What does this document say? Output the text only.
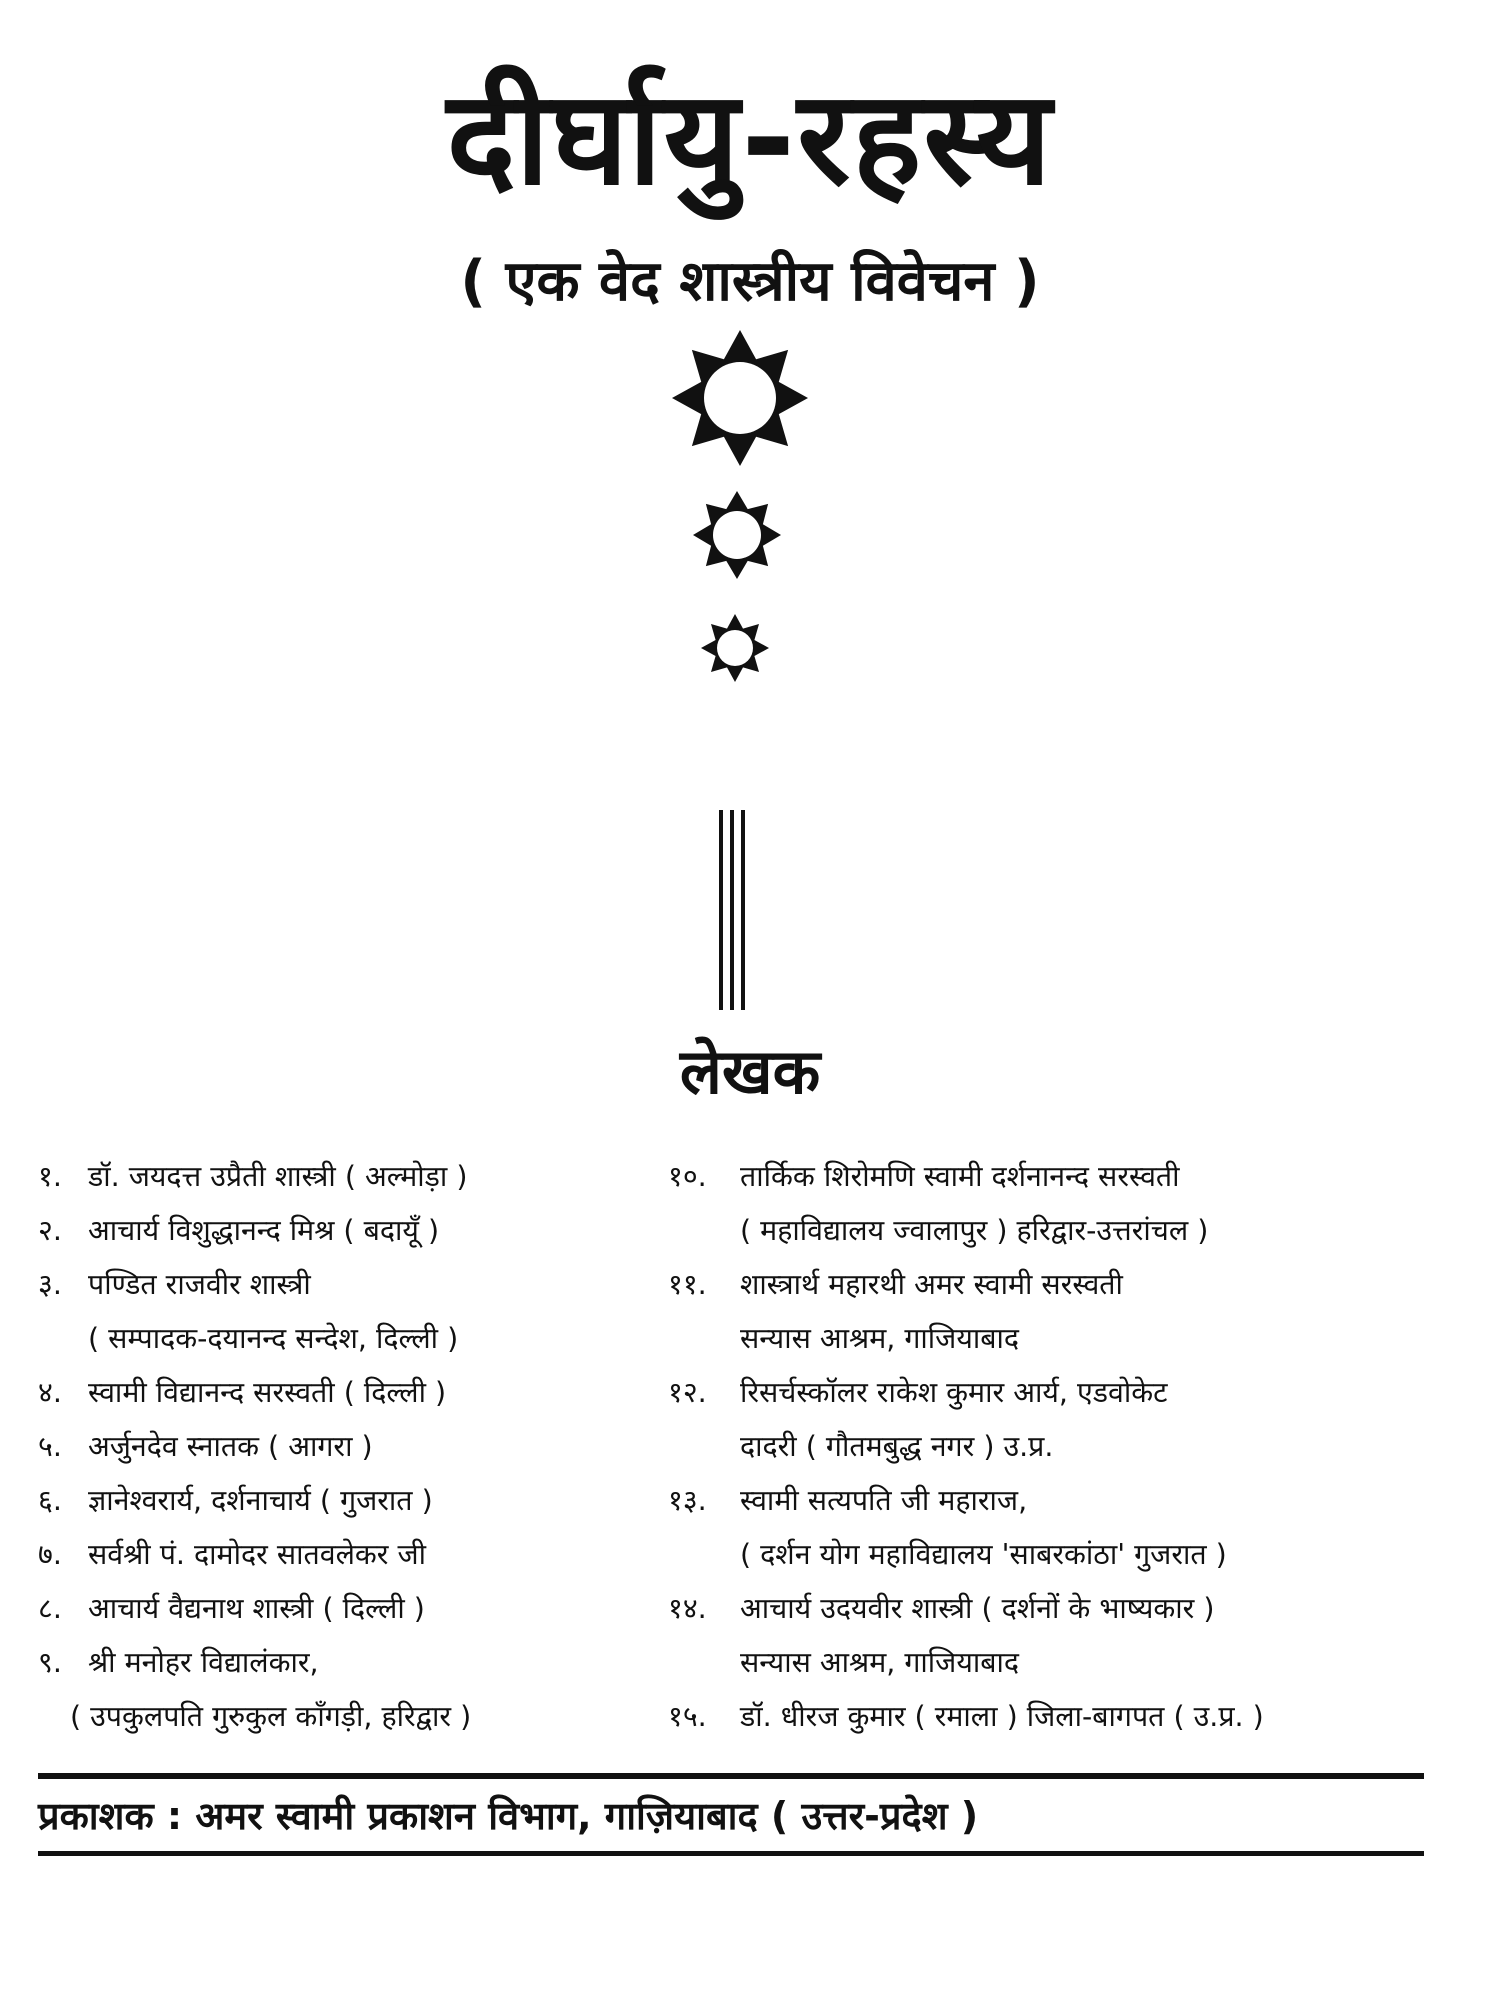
दीर्घायु-रहस्य
( एक वेद शास्त्रीय विवेचन )
लेखक
१. डॉ. जयदत्त उप्रैती शास्त्री ( अल्मोड़ा )
२. आचार्य विशुद्धानन्द मिश्र ( बदायूँ )
३. पण्डित राजवीर शास्त्री
( सम्पादक-दयानन्द सन्देश, दिल्ली )
४. स्वामी विद्यानन्द सरस्वती ( दिल्ली )
५. अर्जुनदेव स्नातक ( आगरा )
६. ज्ञानेश्वरार्य, दर्शनाचार्य ( गुजरात )
७. सर्वश्री पं. दामोदर सातवलेकर जी
८. आचार्य वैद्यनाथ शास्त्री ( दिल्ली )
९. श्री मनोहर विद्यालंकार,
( उपकुलपति गुरुकुल काँगड़ी, हरिद्वार )
१०. तार्किक शिरोमणि स्वामी दर्शनानन्द सरस्वती
( महाविद्यालय ज्वालापुर ) हरिद्वार-उत्तरांचल )
११. शास्त्रार्थ महारथी अमर स्वामी सरस्वती
सन्यास आश्रम, गाजियाबाद
१२. रिसर्चस्कॉलर राकेश कुमार आर्य, एडवोकेट
दादरी ( गौतमबुद्ध नगर ) उ.प्र.
१३. स्वामी सत्यपति जी महाराज,
( दर्शन योग महाविद्यालय 'साबरकांठा' गुजरात )
१४. आचार्य उदयवीर शास्त्री ( दर्शनों के भाष्यकार )
सन्यास आश्रम, गाजियाबाद
१५. डॉ. धीरज कुमार ( रमाला ) जिला-बागपत ( उ.प्र. )
प्रकाशक : अमर स्वामी प्रकाशन विभाग, गाज़ियाबाद ( उत्तर-प्रदेश )
